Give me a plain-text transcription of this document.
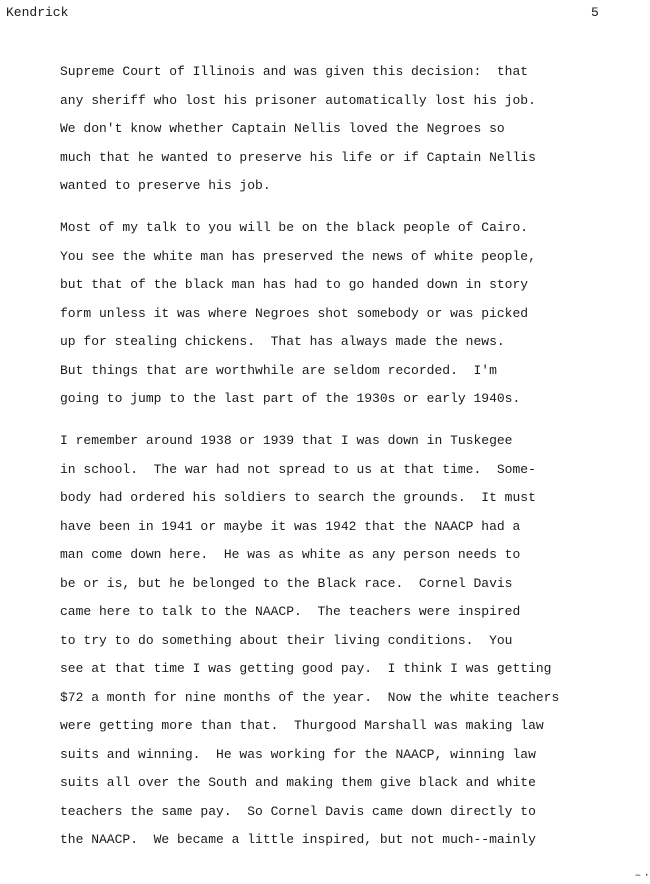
Kendrick	5
Supreme Court of Illinois and was given this decision:  that
any sheriff who lost his prisoner automatically lost his job.
We don't know whether Captain Nellis loved the Negroes so
much that he wanted to preserve his life or if Captain Nellis
wanted to preserve his job.
Most of my talk to you will be on the black people of Cairo.
You see the white man has preserved the news of white people,
but that of the black man has had to go handed down in story
form unless it was where Negroes shot somebody or was picked
up for stealing chickens.  That has always made the news.
But things that are worthwhile are seldom recorded.  I'm
going to jump to the last part of the 1930s or early 1940s.
I remember around 1938 or 1939 that I was down in Tuskegee
in school.  The war had not spread to us at that time.  Some-
body had ordered his soldiers to search the grounds.  It must
have been in 1941 or maybe it was 1942 that the NAACP had a
man come down here.  He was as white as any person needs to
be or is, but he belonged to the Black race.  Cornel Davis
came here to talk to the NAACP.  The teachers were inspired
to try to do something about their living conditions.  You
see at that time I was getting good pay.  I think I was getting
$72 a month for nine months of the year.  Now the white teachers
were getting more than that.  Thurgood Marshall was making law
suits and winning.  He was working for the NAACP, winning law
suits all over the South and making them give black and white
teachers the same pay.  So Cornel Davis came down directly to
the NAACP.  We became a little inspired, but not much--mainly
– ·
